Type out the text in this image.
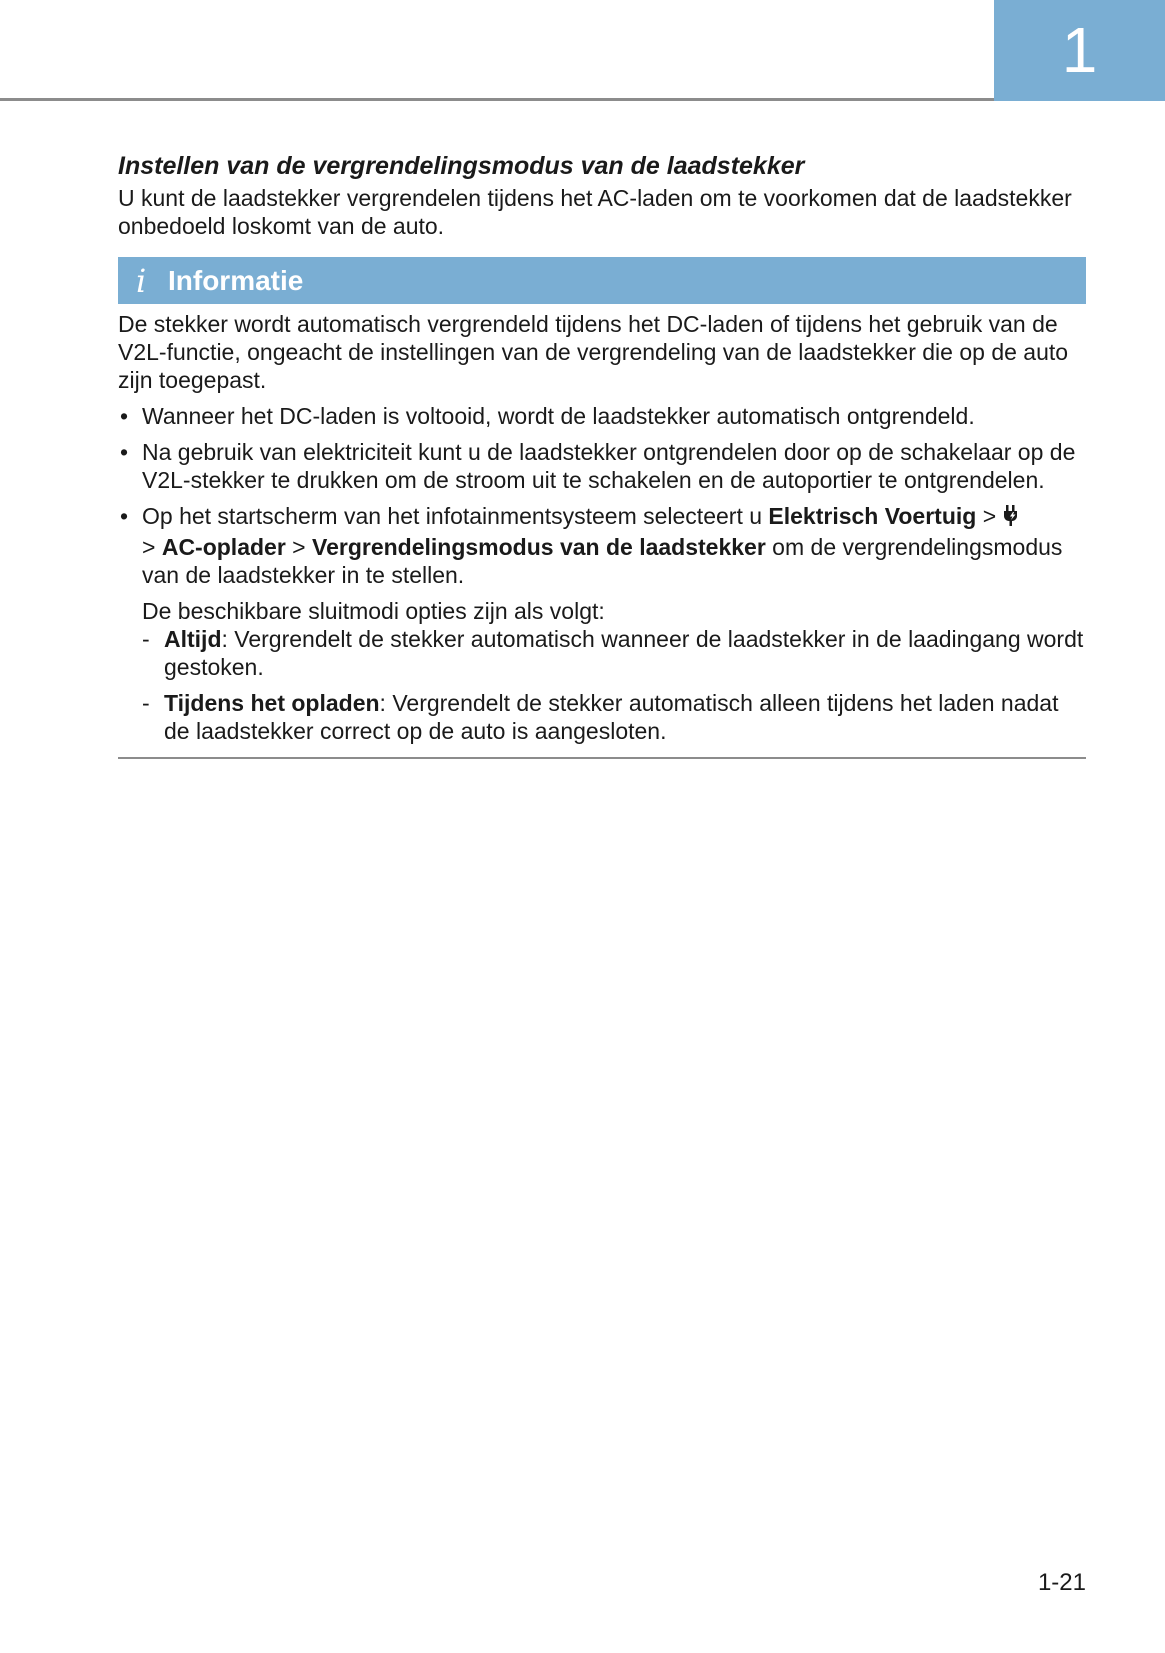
1
Instellen van de vergrendelingsmodus van de laadstekker

U kunt de laadstekker vergrendelen tijdens het AC-laden om te voorkomen dat de laadstekker onbedoeld loskomt van de auto.

i Informatie

De stekker wordt automatisch vergrendeld tijdens het DC-laden of tijdens het gebruik van de V2L-functie, ongeacht de instellingen van de vergrendeling van de laadstekker die op de auto zijn toegepast.

• Wanneer het DC-laden is voltooid, wordt de laadstekker automatisch ontgrendeld.
• Na gebruik van elektriciteit kunt u de laadstekker ontgrendelen door op de schakelaar op de V2L-stekker te drukken om de stroom uit te schakelen en de autoportier te ontgrendelen.
• Op het startscherm van het infotainmentsysteem selecteert u Elektrisch Voertuig >
> AC-oplader > Vergrendelingsmodus van de laadstekker om de vergrendelingsmodus van de laadstekker in te stellen.

De beschikbare sluitmodi opties zijn als volgt:

- Altijd: Vergrendelt de stekker automatisch wanneer de laadstekker in de laadingang wordt gestoken.
- Tijdens het opladen: Vergrendelt de stekker automatisch alleen tijdens het laden nadat de laadstekker correct op de auto is aangesloten.
1-21
